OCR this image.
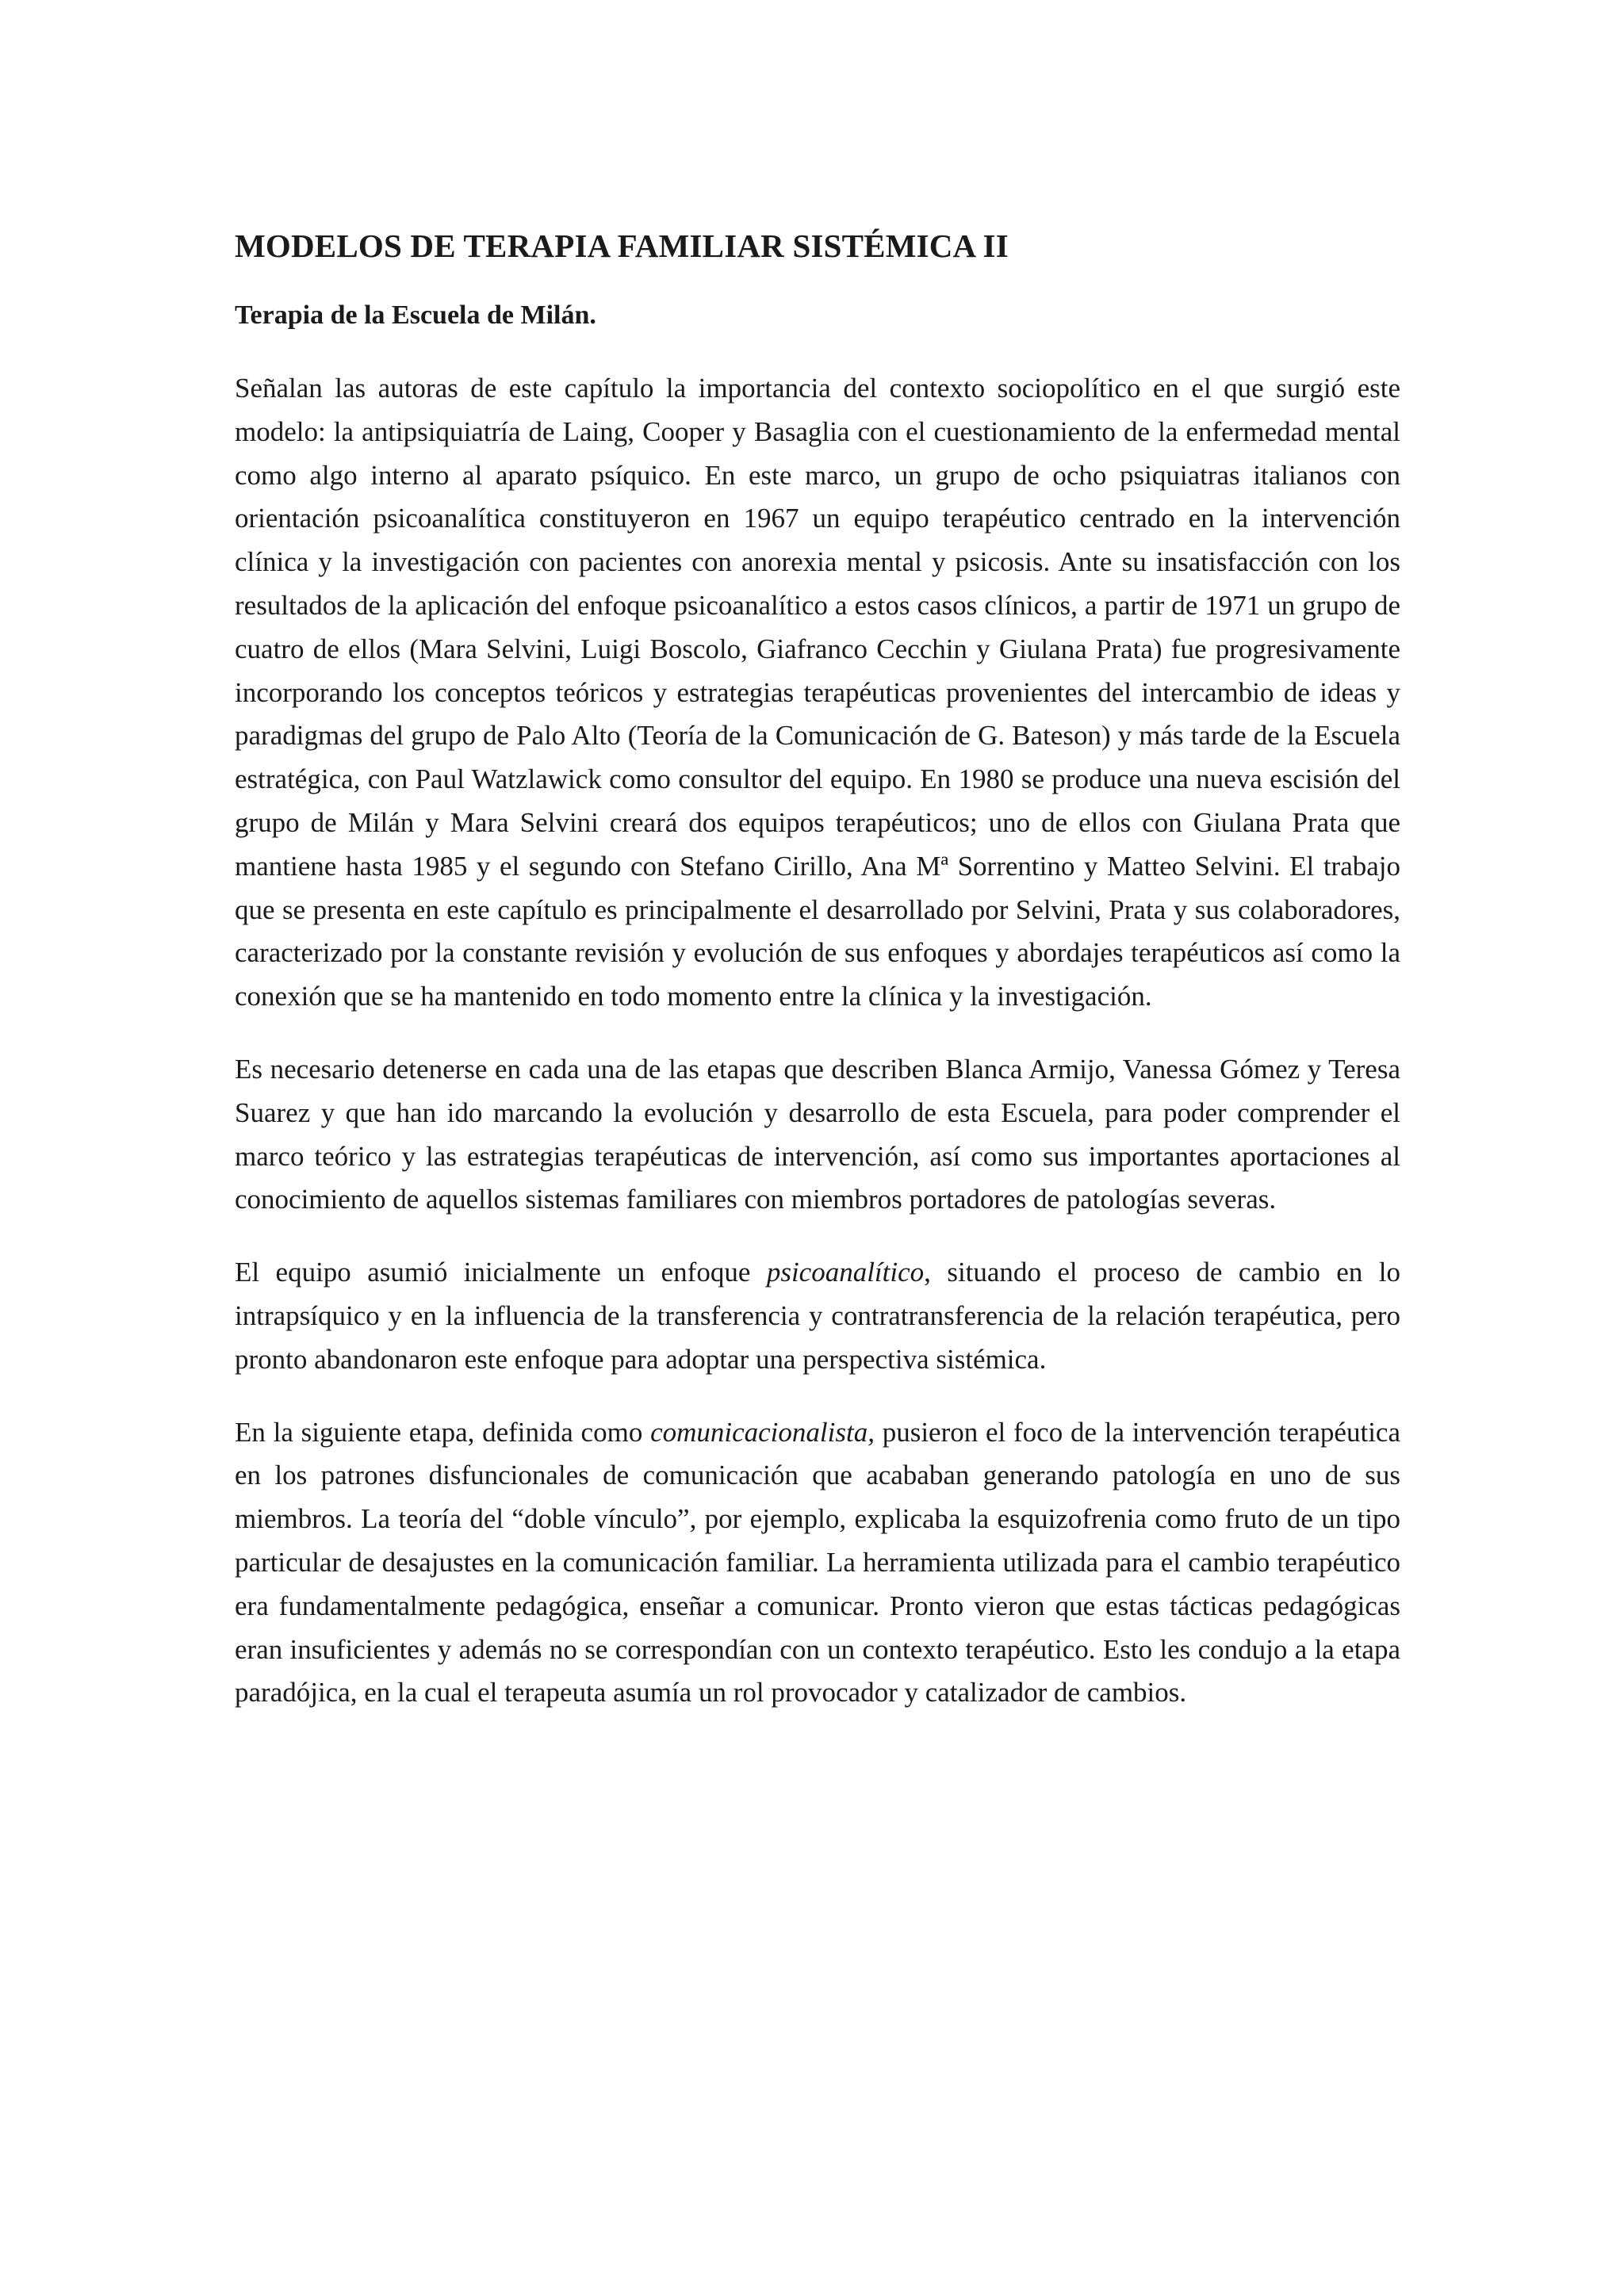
MODELOS DE TERAPIA FAMILIAR SISTÉMICA II
Terapia de la Escuela de Milán.

Señalan las autoras de este capítulo la importancia del contexto sociopolítico en el que surgió este modelo: la antipsiquiatría de Laing, Cooper y Basaglia con el cuestionamiento de la enfermedad mental como algo interno al aparato psíquico. En este marco, un grupo de ocho psiquiatras italianos con orientación psicoanalítica constituyeron en 1967 un equipo terapéutico centrado en la intervención clínica y la investigación con pacientes con anorexia mental y psicosis. Ante su insatisfacción con los resultados de la aplicación del enfoque psicoanalítico a estos casos clínicos, a partir de 1971 un grupo de cuatro de ellos (Mara Selvini, Luigi Boscolo, Giafranco Cecchin y Giulana Prata) fue progresivamente incorporando los conceptos teóricos y estrategias terapéuticas provenientes del intercambio de ideas y paradigmas del grupo de Palo Alto (Teoría de la Comunicación de G. Bateson) y más tarde de la Escuela estratégica, con Paul Watzlawick como consultor del equipo. En 1980 se produce una nueva escisión del grupo de Milán y Mara Selvini creará dos equipos terapéuticos; uno de ellos con Giulana Prata que mantiene hasta 1985 y el segundo con Stefano Cirillo, Ana Mª Sorrentino y Matteo Selvini. El trabajo que se presenta en este capítulo es principalmente el desarrollado por Selvini, Prata y sus colaboradores, caracterizado por la constante revisión y evolución de sus enfoques y abordajes terapéuticos así como la conexión que se ha mantenido en todo momento entre la clínica y la investigación.

Es necesario detenerse en cada una de las etapas que describen Blanca Armijo, Vanessa Gómez y Teresa Suarez y que han ido marcando la evolución y desarrollo de esta Escuela, para poder comprender el marco teórico y las estrategias terapéuticas de intervención, así como sus importantes aportaciones al conocimiento de aquellos sistemas familiares con miembros portadores de patologías severas.

El equipo asumió inicialmente un enfoque psicoanalítico, situando el proceso de cambio en lo intrapsíquico y en la influencia de la transferencia y contratransferencia de la relación terapéutica, pero pronto abandonaron este enfoque para adoptar una perspectiva sistémica.

En la siguiente etapa, definida como comunicacionalista, pusieron el foco de la intervención terapéutica en los patrones disfuncionales de comunicación que acababan generando patología en uno de sus miembros. La teoría del “doble vínculo”, por ejemplo, explicaba la esquizofrenia como fruto de un tipo particular de desajustes en la comunicación familiar. La herramienta utilizada para el cambio terapéutico era fundamentalmente pedagógica, enseñar a comunicar. Pronto vieron que estas tácticas pedagógicas eran insuficientes y además no se correspondían con un contexto terapéutico. Esto les condujo a la etapa paradójica, en la cual el terapeuta asumía un rol provocador y catalizador de cambios.
